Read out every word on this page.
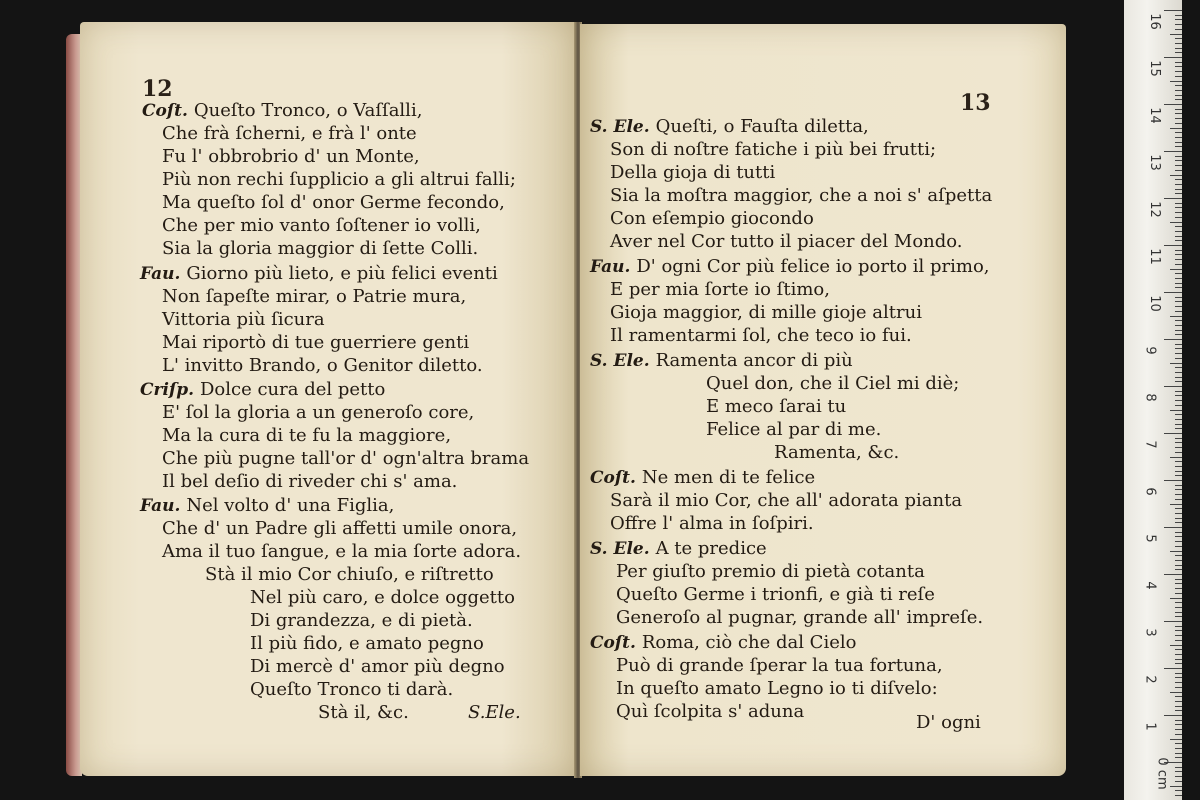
12
Coſt. Queſto Tronco, o Vaſſalli,
Che frà ſcherni, e frà l' onte
Fu l' obbrobrio d' un Monte,
Più non rechi ſupplicio a gli altrui falli;
Ma queſto ſol d' onor Germe fecondo,
Che per mio vanto ſoſtener io volli,
Sia la gloria maggior di ſette Colli.
Fau. Giorno più lieto, e più felici eventi
Non ſapeſte mirar, o Patrie mura,
Vittoria più ſicura
Mai riportò di tue guerriere genti
L' invitto Brando, o Genitor diletto.
Criſp. Dolce cura del petto
E' ſol la gloria a un generoſo core,
Ma la cura di te fu la maggiore,
Che più pugne tall'or d' ogn'altra brama
Il bel deſio di riveder chi s' ama.
Fau. Nel volto d' una Figlia,
Che d' un Padre gli affetti umile onora,
Ama il tuo ſangue, e la mia ſorte adora.
Stà il mio Cor chiuſo, e riſtretto
Nel più caro, e dolce oggetto
Di grandezza, e di pietà.
Il più fido, e amato pegno
Di mercè d' amor più degno
Queſto Tronco ti darà.
Stà il, &c.	S.Ele.
13
S. Ele. Queſti, o Fauſta diletta,
Son di noſtre fatiche i più bei frutti;
Della gioja di tutti
Sia la moſtra maggior, che a noi s' aſpetta
Con eſempio giocondo
Aver nel Cor tutto il piacer del Mondo.
Fau. D' ogni Cor più felice io porto il primo,
E per mia ſorte io ſtimo,
Gioja maggior, di mille gioje altrui
Il ramentarmi ſol, che teco io fui.
S. Ele. Ramenta ancor di più
Quel don, che il Ciel mi diè;
E meco ſarai tu
Felice al par di me.
Ramenta, &c.
Coſt. Ne men di te felice
Sarà il mio Cor, che all' adorata pianta
Offre l' alma in ſoſpiri.
S. Ele. A te predice
Per giuſto premio di pietà cotanta
Queſto Germe i trionfi, e già ti reſe
Generoſo al pugnar, grande all' impreſe.
Coſt. Roma, ciò che dal Cielo
Può di grande ſperar la tua fortuna,
In queſto amato Legno io ti diſvelo:
Quì ſcolpita s' aduna
D' ogni
16
15
14
13
12
11
10
9
8
7
6
5
4
3
2
1
0 cm
